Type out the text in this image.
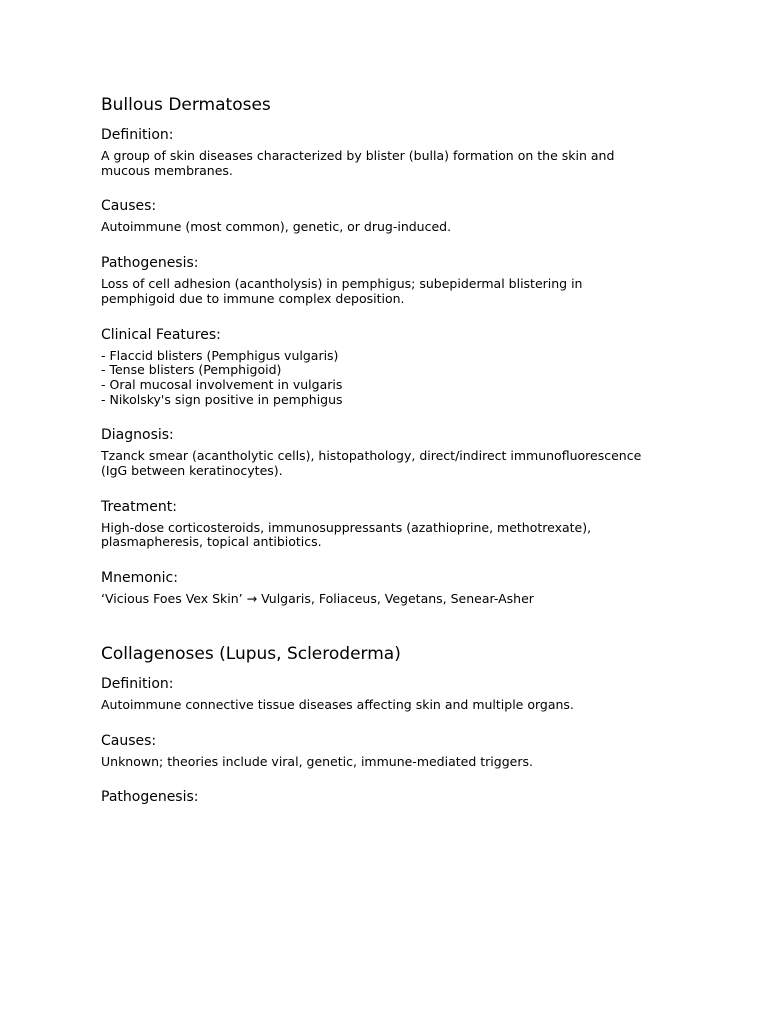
Bullous Dermatoses
Definition:

A group of skin diseases characterized by blister (bulla) formation on the skin and
mucous membranes.

Causes:

Autoimmune (most common), genetic, or drug-induced.

Pathogenesis:

Loss of cell adhesion (acantholysis) in pemphigus; subepidermal blistering in
pemphigoid due to immune complex deposition.

Clinical Features:

- Flaccid blisters (Pemphigus vulgaris)
- Tense blisters (Pemphigoid)
- Oral mucosal involvement in vulgaris
- Nikolsky's sign positive in pemphigus

Diagnosis:

Tzanck smear (acantholytic cells), histopathology, direct/indirect immunofluorescence
(IgG between keratinocytes).

Treatment:

High-dose corticosteroids, immunosuppressants (azathioprine, methotrexate),
plasmapheresis, topical antibiotics.

Mnemonic:

‘Vicious Foes Vex Skin’ → Vulgaris, Foliaceus, Vegetans, Senear-Asher

Collagenoses (Lupus, Scleroderma)
Definition:

Autoimmune connective tissue diseases affecting skin and multiple organs.

Causes:

Unknown; theories include viral, genetic, immune-mediated triggers.

Pathogenesis:
